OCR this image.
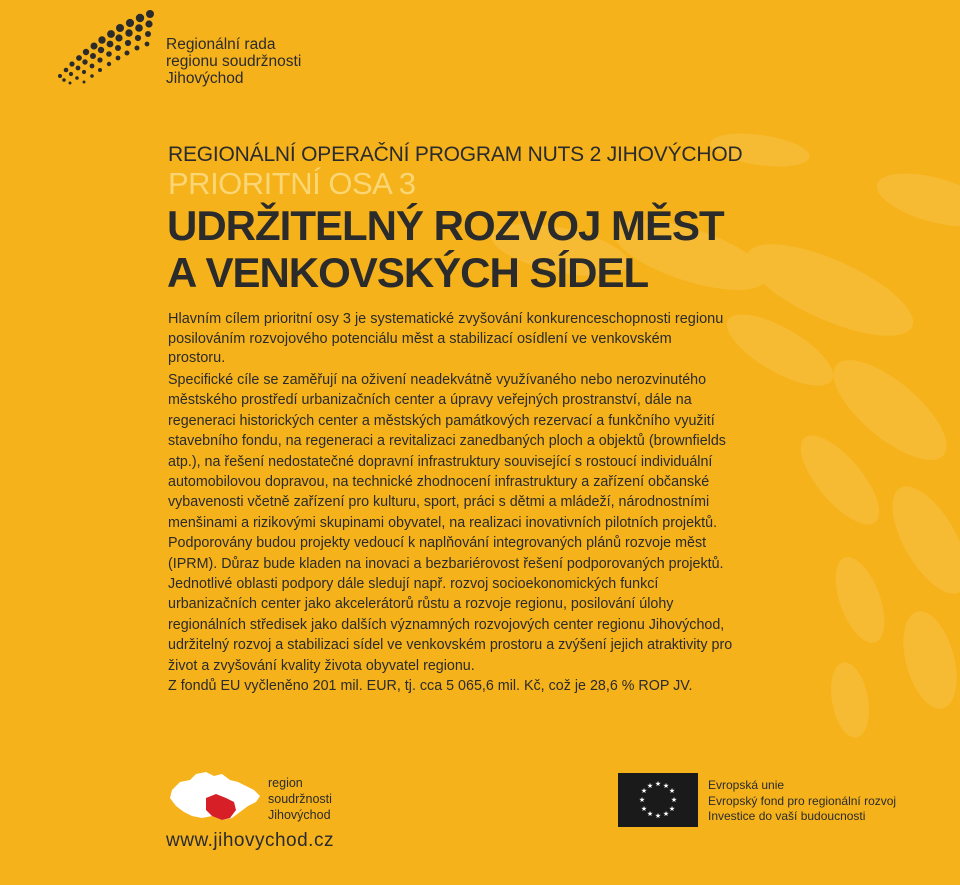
Regionální rada
regionu soudržnosti
Jihovýchod
REGIONÁLNÍ OPERAČNÍ PROGRAM NUTS 2 JIHOVÝCHOD
PRIORITNÍ OSA 3
UDRŽITELNÝ ROZVOJ MĚST
A VENKOVSKÝCH SÍDEL

Hlavním cílem prioritní osy 3 je systematické zvyšování konkurenceschopnosti regionu posilováním rozvojového potenciálu měst a stabilizací osídlení ve venkovském prostoru.

Specifické cíle se zaměřují na oživení neadekvátně využívaného nebo nerozvinutého městského prostředí urbanizačních center a úpravy veřejných prostranství, dále na regeneraci historických center a městských památkových rezervací a funkčního využití stavebního fondu, na regeneraci a revitalizaci zanedbaných ploch a objektů (brownfields atp.), na řešení nedostatečné dopravní infrastruktury související s rostoucí individuální automobilovou dopravou, na technické zhodnocení infrastruktury a zařízení občanské vybavenosti včetně zařízení pro kulturu, sport, práci s dětmi a mládeží, národnostními menšinami a rizikovými skupinami obyvatel, na realizaci inovativních pilotních projektů.

Podporovány budou projekty vedoucí k naplňování integrovaných plánů rozvoje měst (IPRM). Důraz bude kladen na inovaci a bezbariérovost řešení podporovaných projektů.

Jednotlivé oblasti podpory dále sledují např. rozvoj socioekonomických funkcí urbanizačních center jako akcelerátorů růstu a rozvoje regionu, posilování úlohy regionálních středisek jako dalších významných rozvojových center regionu Jihovýchod, udržitelný rozvoj a stabilizaci sídel ve venkovském prostoru a zvýšení jejich atraktivity pro život a zvyšování kvality života obyvatel regionu.

Z fondů EU vyčleněno 201 mil. EUR, tj. cca 5 065,6 mil. Kč, což je 28,6 % ROP JV.

region
soudržnosti
Jihovýchod
www.jihovychod.cz
★ ★
★
★
★
★
★
★
★
★
★
★	Evropská unie
Evropský fond pro regionální rozvoj
Investice do vaší budoucnosti
